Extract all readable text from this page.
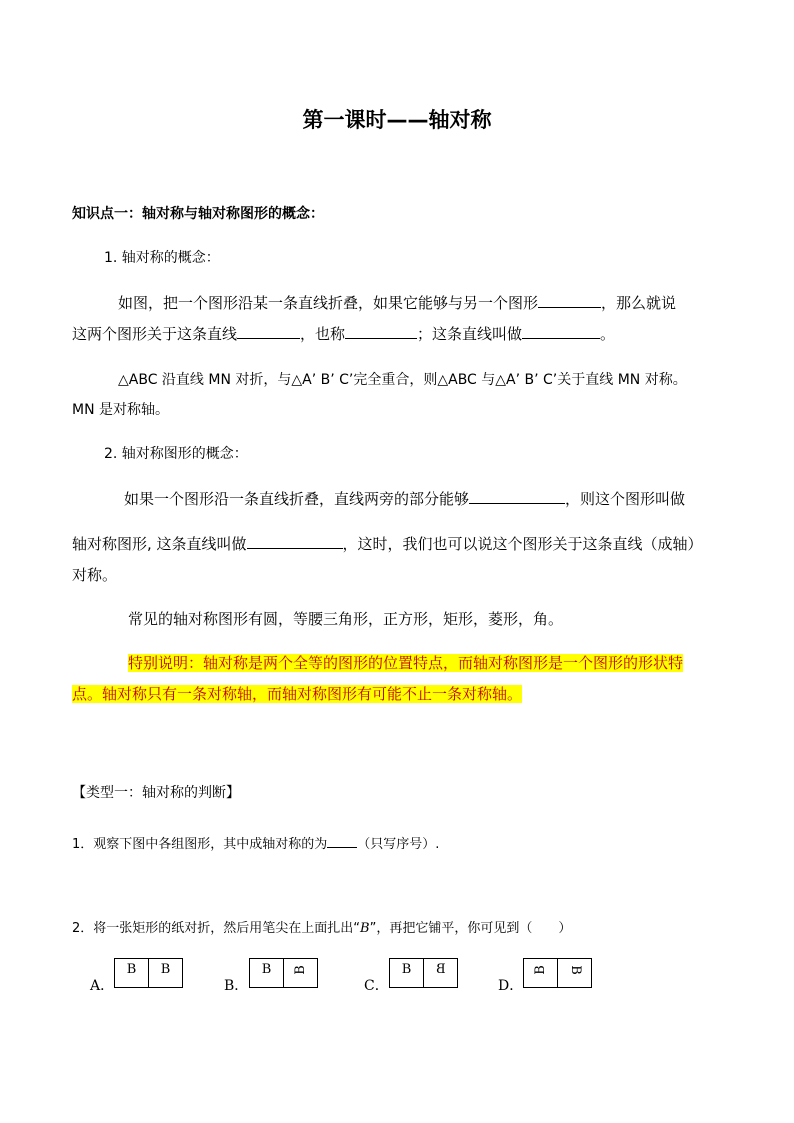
第一课时——轴对称
知识点一：轴对称与轴对称图形的概念：
1. 轴对称的概念：
如图，把一个图形沿某一条直线折叠，如果它能够与另一个图形	，那么就说
这两个图形关于这条直线	，也称	；这条直线叫做	。
△ABC 沿直线 MN 对折，与△A’ B’ C’完全重合，则△ABC 与△A’ B’ C’关于直线 MN 对称。
MN 是对称轴。
2. 轴对称图形的概念：
如果一个图形沿一条直线折叠，直线两旁的部分能够	，则这个图形叫做
轴对称图形, 这条直线叫做	，这时，我们也可以说这个图形关于这条直线（成轴）
对称。
常见的轴对称图形有圆，等腰三角形，正方形，矩形，菱形，角。
特别说明：轴对称是两个全等的图形的位置特点，而轴对称图形是一个图形的形状特
点。轴对称只有一条对称轴，而轴对称图形有可能不止一条对称轴。
【类型一：轴对称的判断】
1．观察下图中各组图形，其中成轴对称的为 （只写序号）.
2．将一张矩形的纸对折，然后用笔尖在上面扎出“B”，再把它铺平，你可见到（　　）
A．
B	B
B．
B	B
C．
B	B
D．
B	B
